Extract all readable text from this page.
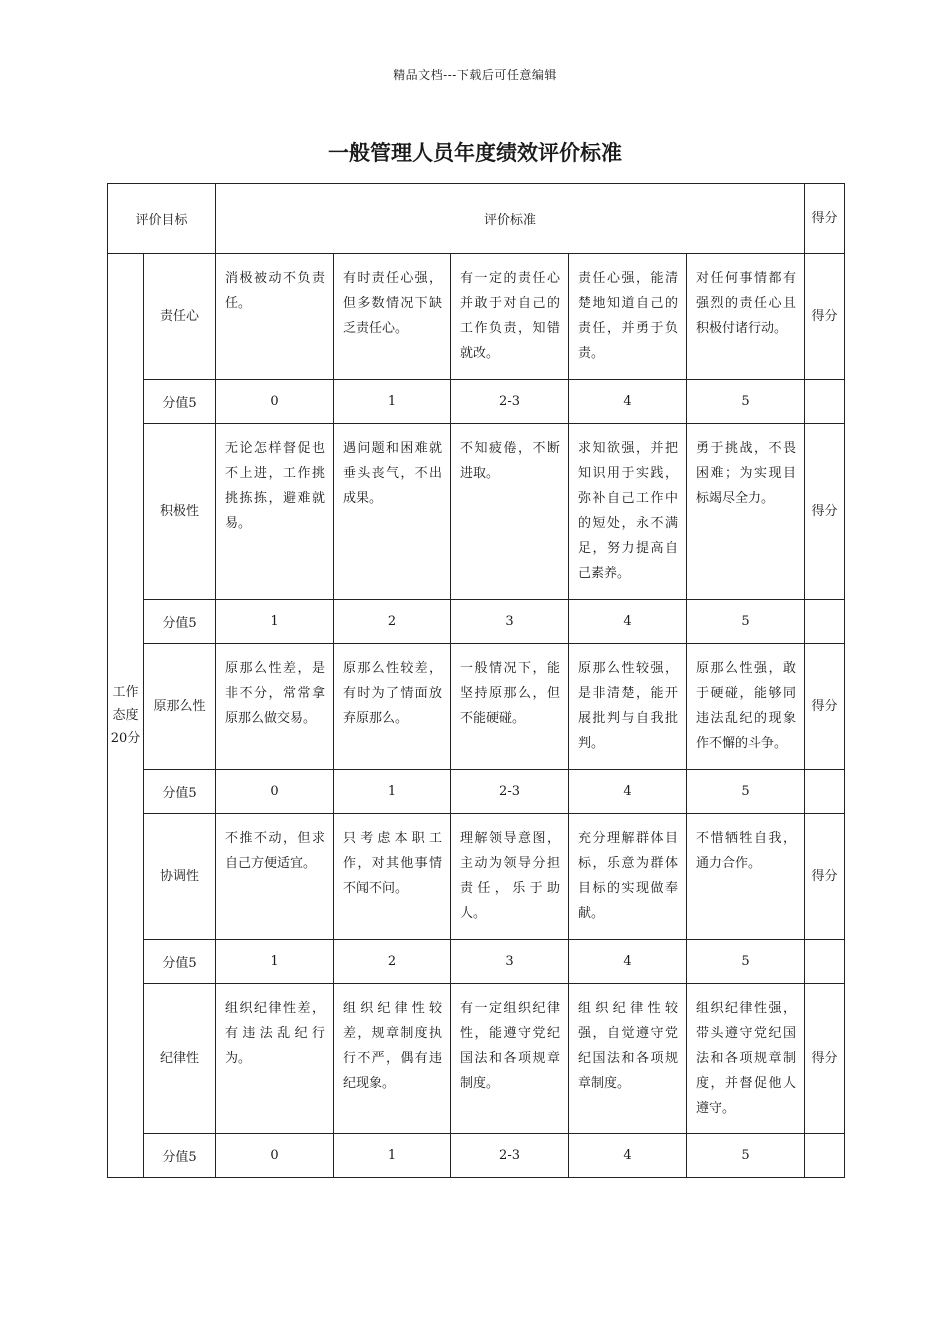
精品文档---下载后可任意编辑
一般管理人员年度绩效评价标准
评价目标		评价标准					得分
工作态度20分	责任心	消极被动不负责任。	有时责任心强，但多数情况下缺乏责任心。	有一定的责任心并敢于对自己的工作负责，知错就改。	责任心强，能清楚地知道自己的责任，并勇于负责。	对任何事情都有强烈的责任心且积极付诸行动。	得分
	分值5	0	1	2-3	4	5	
	积极性	无论怎样督促也不上进，工作挑挑拣拣，避难就易。	遇问题和困难就垂头丧气，不出成果。	不知疲倦，不断进取。	求知欲强，并把知识用于实践，弥补自己工作中的短处，永不满足，努力提高自己素养。	勇于挑战，不畏困难；为实现目标竭尽全力。	得分
	分值5	1	2	3	4	5	
	原那么性	原那么性差，是非不分，常常拿原那么做交易。	原那么性较差，有时为了情面放弃原那么。	一般情况下，能坚持原那么，但不能硬碰。	原那么性较强，是非清楚，能开展批判与自我批判。	原那么性强，敢于硬碰，能够同违法乱纪的现象作不懈的斗争。	得分
	分值5	0	1	2-3	4	5	
	协调性	不推不动，但求自己方便适宜。	只考虑本职工作，对其他事情不闻不问。	理解领导意图，主动为领导分担责任，乐于助人。	充分理解群体目标，乐意为群体目标的实现做奉献。	不惜牺牲自我，通力合作。	得分
	分值5	1	2	3	4	5	
	纪律性	组织纪律性差，有违法乱纪行为。	组织纪律性较差，规章制度执行不严，偶有违纪现象。	有一定组织纪律性，能遵守党纪国法和各项规章制度。	组织纪律性较强，自觉遵守党纪国法和各项规章制度。	组织纪律性强，带头遵守党纪国法和各项规章制度，并督促他人遵守。	得分
	分值5	0	1	2-3	4	5	
